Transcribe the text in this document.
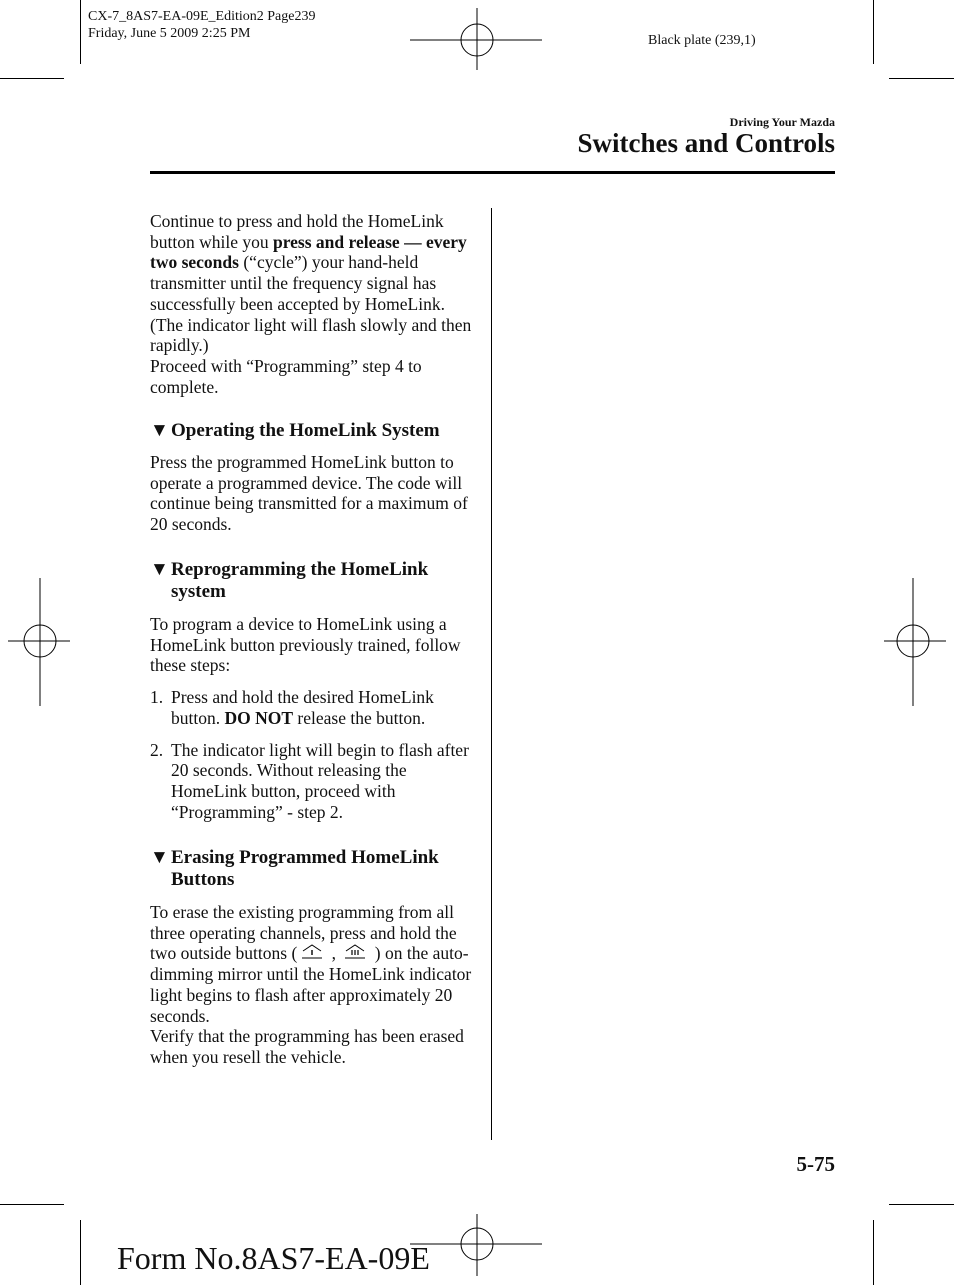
CX-7_8AS7-EA-09E_Edition2 Page239
Friday, June 5 2009 2:25 PM	Black plate (239,1)
Driving Your Mazda
Switches and Controls

Continue to press and hold the HomeLink button while you press and release — every two seconds (“cycle”) your hand-held transmitter until the frequency signal has successfully been accepted by HomeLink. (The indicator light will flash slowly and then rapidly.)

Proceed with “Programming” step 4 to complete.

▼ Operating the HomeLink System

Press the programmed HomeLink button to operate a programmed device. The code will continue being transmitted for a maximum of 20 seconds.

▼ Reprogramming the HomeLink system

To program a device to HomeLink using a HomeLink button previously trained, follow these steps:

1. Press and hold the desired HomeLink button. DO NOT release the button.
2. The indicator light will begin to flash after 20 seconds. Without releasing the HomeLink button, proceed with “Programming” - step 2.
▼ Erasing Programmed HomeLink Buttons

To erase the existing programming from all three operating channels, press and hold the two outside buttons ( ,  ) on the auto-dimming mirror until the HomeLink indicator light begins to flash after approximately 20 seconds.

Verify that the programming has been erased when you resell the vehicle.

5-75
Form No.8AS7-EA-09E
